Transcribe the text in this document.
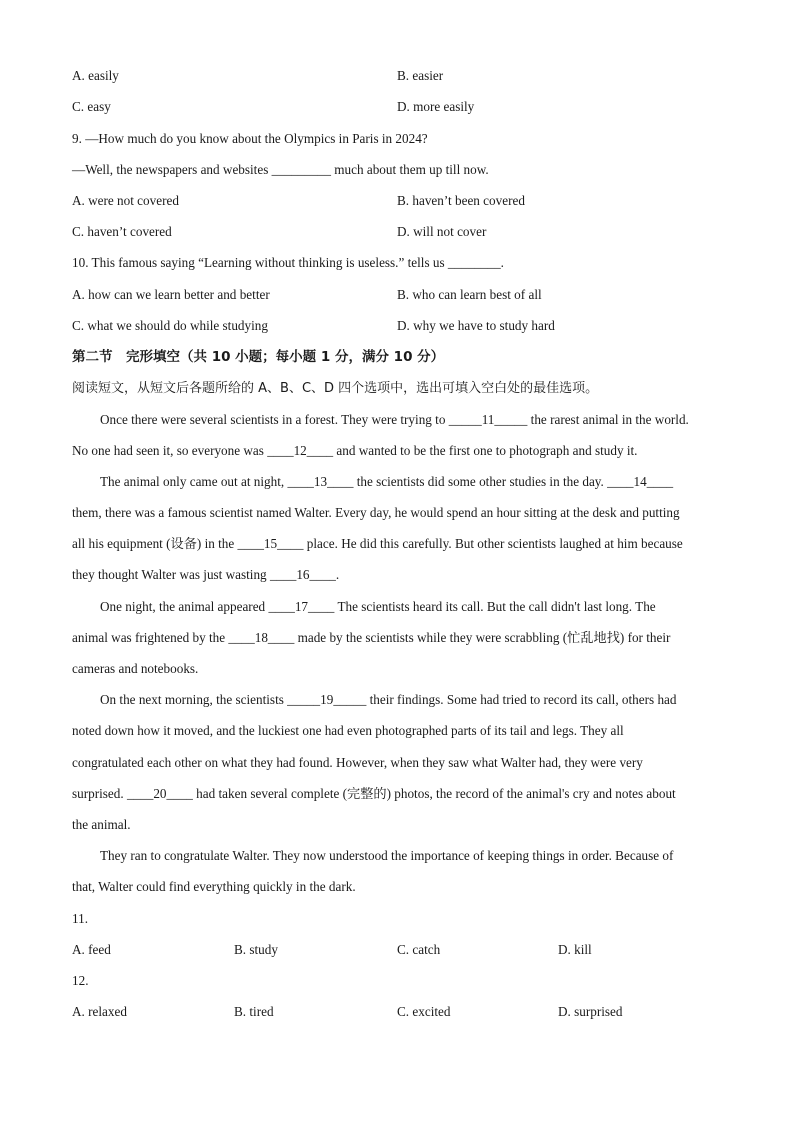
A. easily	B. easier
C. easy	D. more easily
9. —How much do you know about the Olympics in Paris in 2024?
—Well, the newspapers and websites _________ much about them up till now.
A. were not covered	B. haven’t been covered
C. haven’t covered	D. will not cover
10. This famous saying “Learning without thinking is useless.” tells us ________.
A. how can we learn better and better	B. who can learn best of all
C. what we should do while studying	D. why we have to study hard
第二节　完形填空（共 10 小题；每小题 1 分，满分 10 分）
阅读短文，从短文后各题所给的 A、B、C、D 四个选项中，选出可填入空白处的最佳选项。
Once there were several scientists in a forest. They were trying to _____11_____ the rarest animal in the world.
No one had seen it, so everyone was ____12____ and wanted to be the first one to photograph and study it.
The animal only came out at night, ____13____ the scientists did some other studies in the day. ____14____
them, there was a famous scientist named Walter. Every day, he would spend an hour sitting at the desk and putting
all his equipment (设备) in the ____15____ place. He did this carefully. But other scientists laughed at him because
they thought Walter was just wasting ____16____.
One night, the animal appeared ____17____ The scientists heard its call. But the call didn't last long. The
animal was frightened by the ____18____ made by the scientists while they were scrabbling (忙乱地找) for their
cameras and notebooks.
On the next morning, the scientists _____19_____ their findings. Some had tried to record its call, others had
noted down how it moved, and the luckiest one had even photographed parts of its tail and legs. They all
congratulated each other on what they had found. However, when they saw what Walter had, they were very
surprised. ____20____ had taken several complete (完整的) photos, the record of the animal's cry and notes about
the animal.
They ran to congratulate Walter. They now understood the importance of keeping things in order. Because of
that, Walter could find everything quickly in the dark.
11.
A. feed	B. study	C. catch	D. kill
12.
A. relaxed	B. tired	C. excited	D. surprised
